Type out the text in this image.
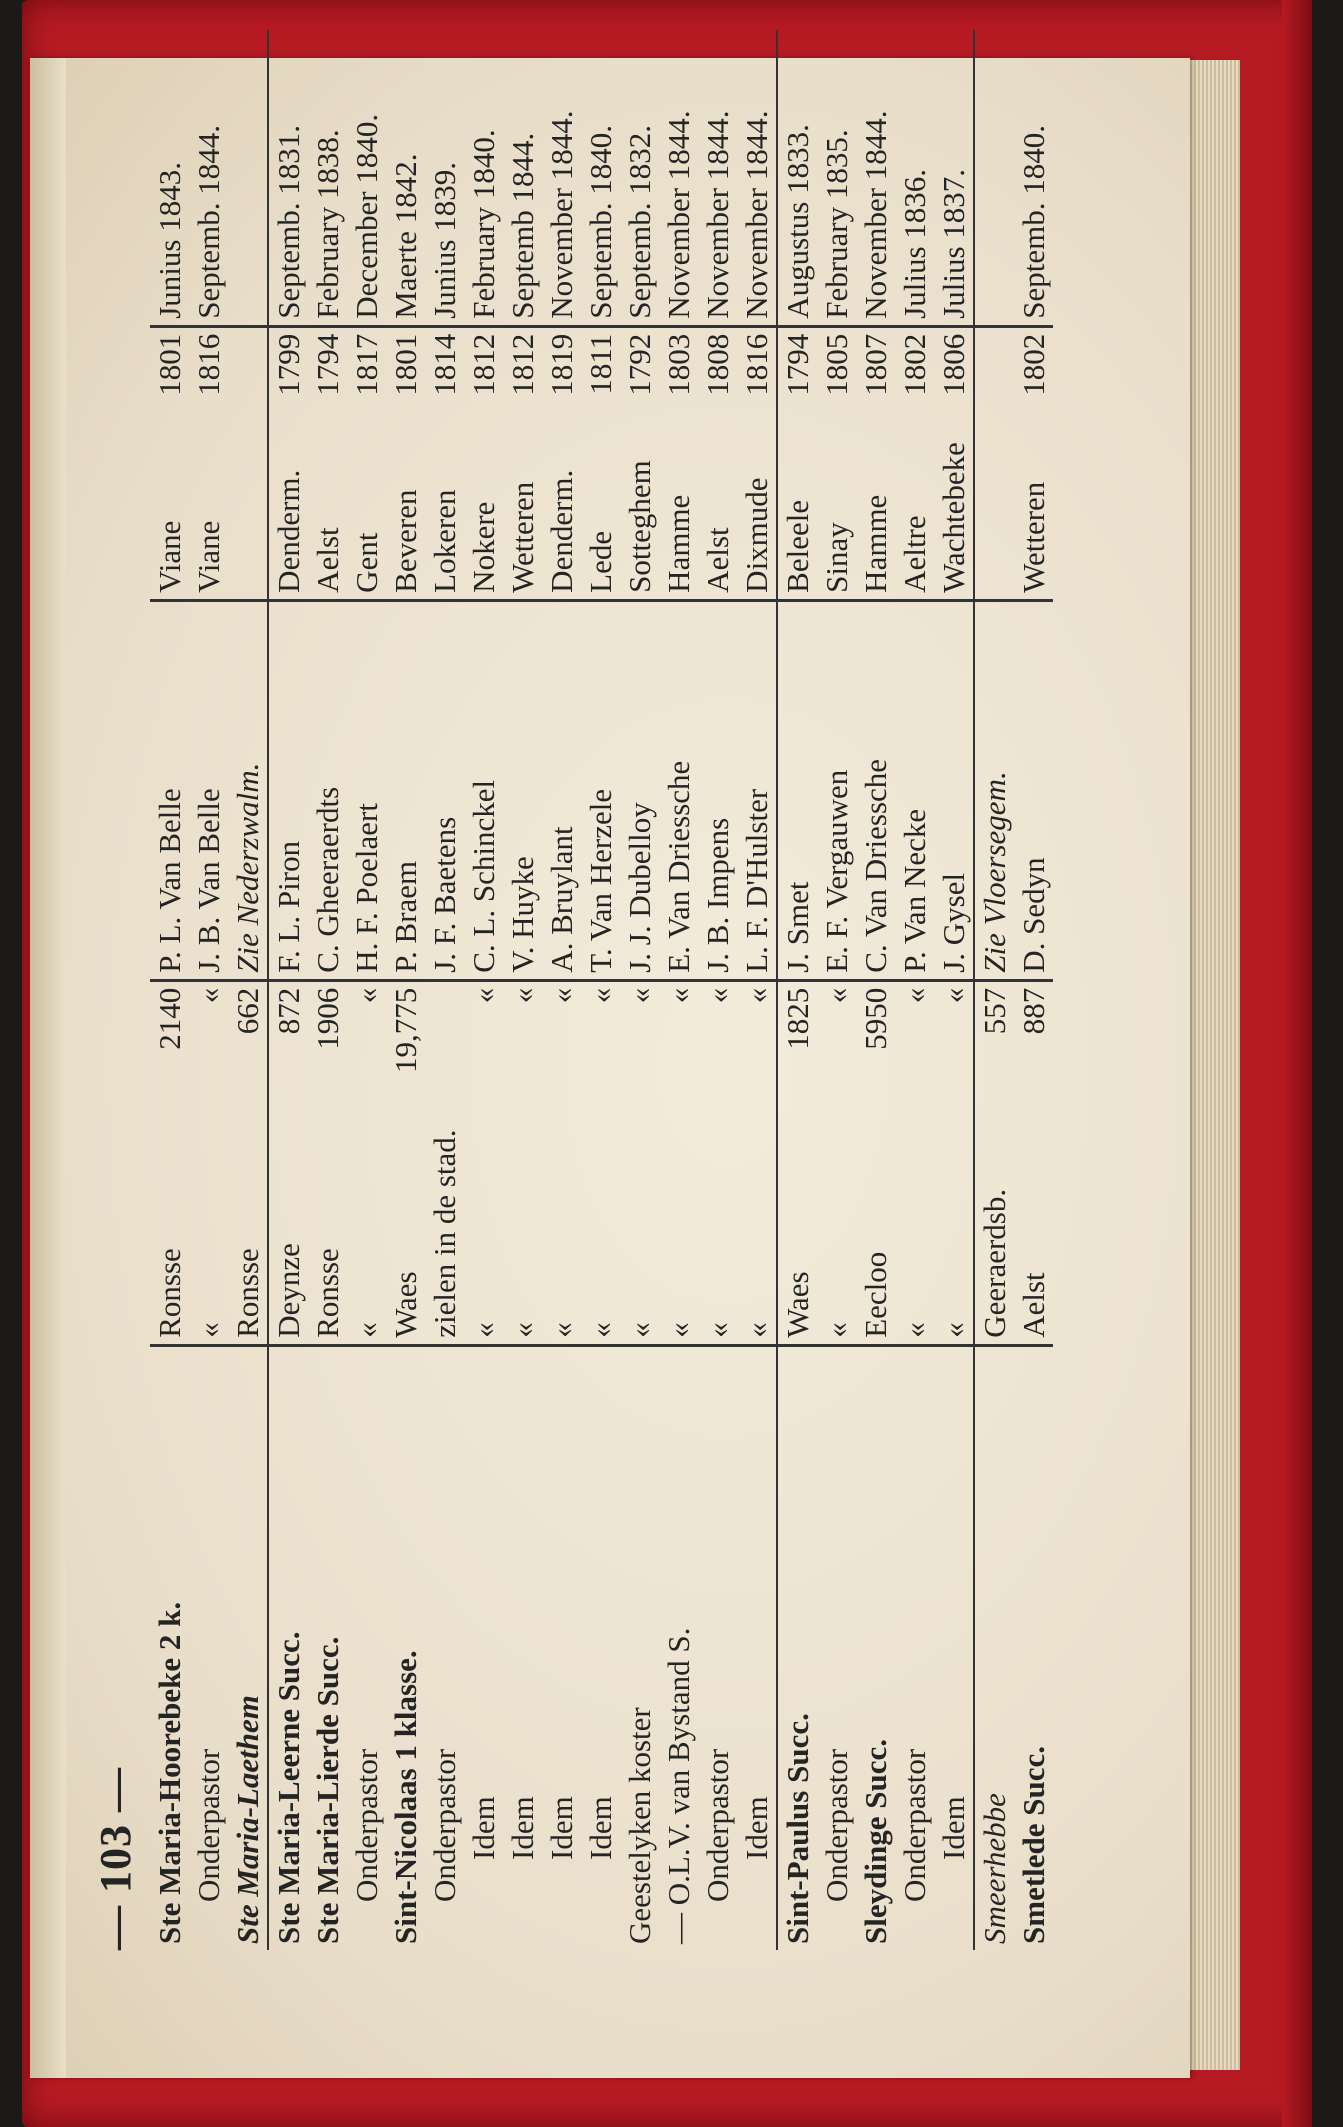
— 103 — Ste Maria-Hoorebeke 2 k.	Ronsse	2140	P. L. Van Belle	Viane	1801	Junius 1843.
Onderpastor	«	«	J. B. Van Belle	Viane	1816	Septemb. 1844.
Ste Maria-Laethem	Ronsse	662	Zie Nederzwalm.			
Ste Maria-Leerne Succ.	Deynze	872	F. L. Piron	Denderm.	1799	Septemb. 1831.
Ste Maria-Lierde Succ.	Ronsse	1906	C. Gheeraerdts	Aelst	1794	February 1838.
Onderpastor	«	«	H. F. Poelaert	Gent	1817	December 1840.
Sint-Nicolaas 1 klasse.	Waes	19,775	P. Braem	Beveren	1801	Maerte 1842.
Onderpastor	zielen in de stad.		J. F. Baetens	Lokeren	1814	Junius 1839.
Idem	«	«	C. L. Schinckel	Nokere	1812	February 1840.
Idem	«	«	V. Huyke	Wetteren	1812	Septemb 1844.
Idem	«	«	A. Bruylant	Denderm.	1819	November 1844.
Idem	«	«	T. Van Herzele	Lede	1811	Septemb. 1840.
Geestelyken koster	«	«	J. J. Dubelloy	Sotteghem	1792	Septemb. 1832.
— O.L.V. van Bystand S.	«	«	E. Van Driessche	Hamme	1803	November 1844.
Onderpastor	«	«	J. B. Impens	Aelst	1808	November 1844.
Idem	«	«	L. F. D'Hulster	Dixmude	1816	November 1844.
Sint-Paulus Succ.	Waes	1825	J. Smet	Beleele	1794	Augustus 1833.
Onderpastor	«	«	E. F. Vergauwen	Sinay	1805	February 1835.
Sleydinge Succ.	Eecloo	5950	C. Van Driessche	Hamme	1807	November 1844.
Onderpastor	«	«	P. Van Necke	Aeltre	1802	Julius 1836.
Idem	«	«	J. Gysel	Wachtebeke	1806	Julius 1837.
Smeerhebbe	Geeraerdsb.	557	Zie Vloersegem.			
Smetlede Succ.	Aelst	887	D. Sedyn	Wetteren	1802	Septemb. 1840.
